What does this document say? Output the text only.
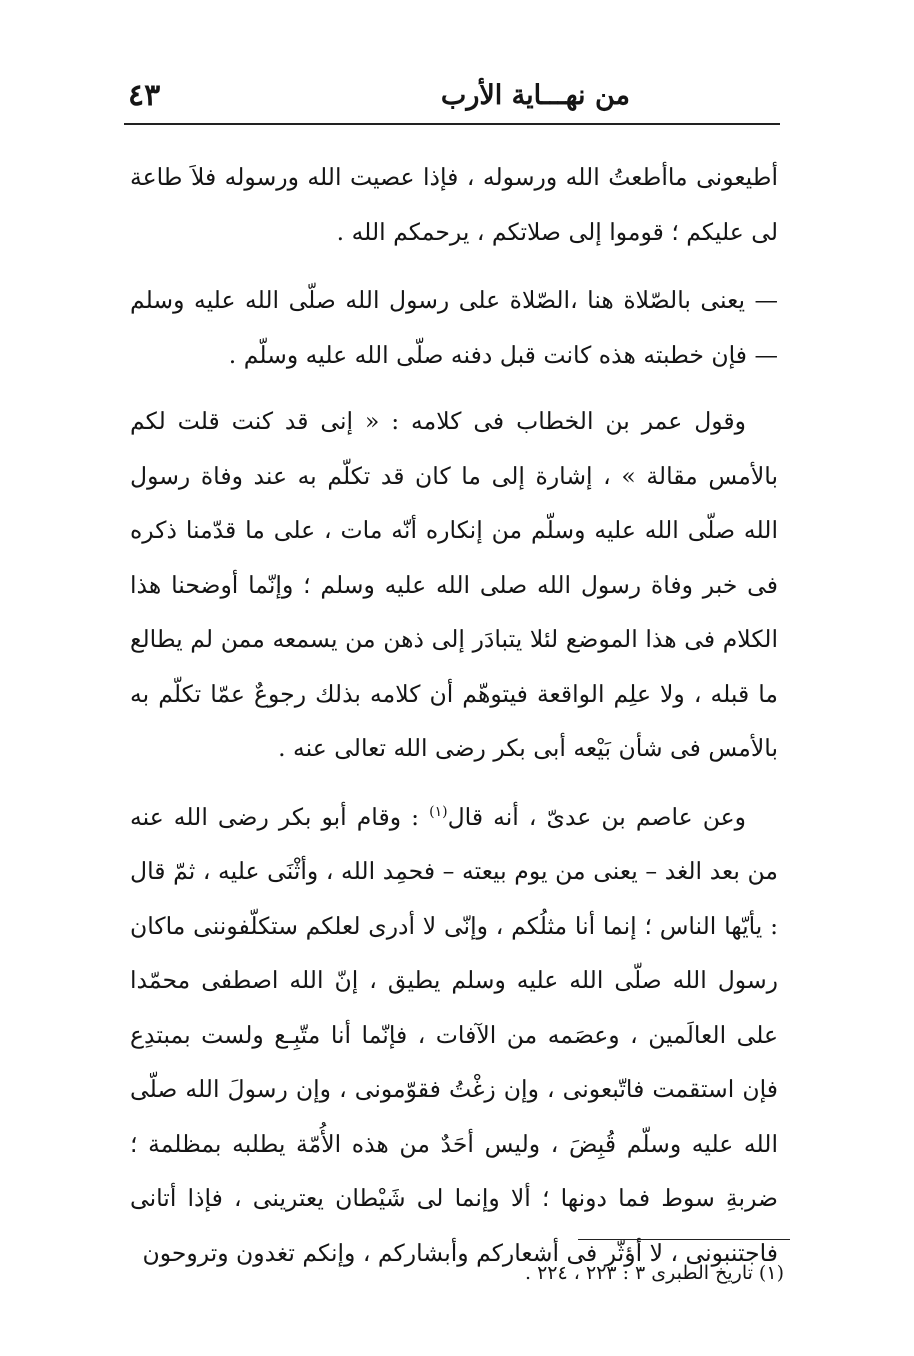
من نهـــاية الأرب
٤٣

أطيعونى ماأطعتُ الله ورسوله ، فإذا عصيت الله ورسوله فلاَ طاعة لى عليكم ؛ قوموا إلى صلاتكم ، يرحمكم الله .

— يعنى بالصّلاة هنا ،الصّلاة على رسول الله صلّى الله عليه وسلم — فإن خطبته هذه كانت قبل دفنه صلّى الله عليه وسلّم .

وقول عمر بن الخطاب فى كلامه : « إنى قد كنت قلت لكم بالأمس مقالة » ، إشارة إلى ما كان قد تكلّم به عند وفاة رسول الله صلّى الله عليه وسلّم من إنكاره أنّه مات ، على ما قدّمنا ذكره فى خبر وفاة رسول الله صلى الله عليه وسلم ؛ وإنّما أوضحنا هذا الكلام فى هذا الموضع لئلا يتبادَر إلى ذهن من يسمعه ممن لم يطالع ما قبله ، ولا علِم الواقعة فيتوهّم أن كلامه بذلك رجوعٌ عمّا تكلّم به بالأمس فى شأن بَيْعه أبى بكر رضى الله تعالى عنه .

وعن عاصم بن عدىّ ، أنه قال$^{(١)}$ : وقام أبو بكر رضى الله عنه من بعد الغد – يعنى من يوم بيعته – فحمِد الله ، وأثْنَى عليه ، ثمّ قال : يأيّها الناس ؛ إنما أنا مثلُكم ، وإنّى لا أدرى لعلكم ستكلّفوننى ماكان رسول الله صلّى الله عليه وسلم يطيق ، إنّ الله اصطفى محمّدا على العالَمين ، وعصَمه من الآفات ، فإنّما أنا متّبِـع ولست بمبتدِع فإن استقمت فاتّبعونى ، وإن زغْتُ فقوّمونى ، وإن رسولَ الله صلّى الله عليه وسلّم قُبِضَ ، وليس أحَدٌ من هذه الأُمّة يطلبه بمظلمة ؛ ضربةِ سوط فما دونها ؛ ألا وإنما لى شَيْطان يعترينى ، فإذا أتانى فاجتنبونى ، لا أؤثّر فى أشعاركم وأبشاركم ، وإنكم تغدون وتروحون

(١) تاريخ الطبرى ٣ : ٢٢٣ ، ٢٢٤ .
